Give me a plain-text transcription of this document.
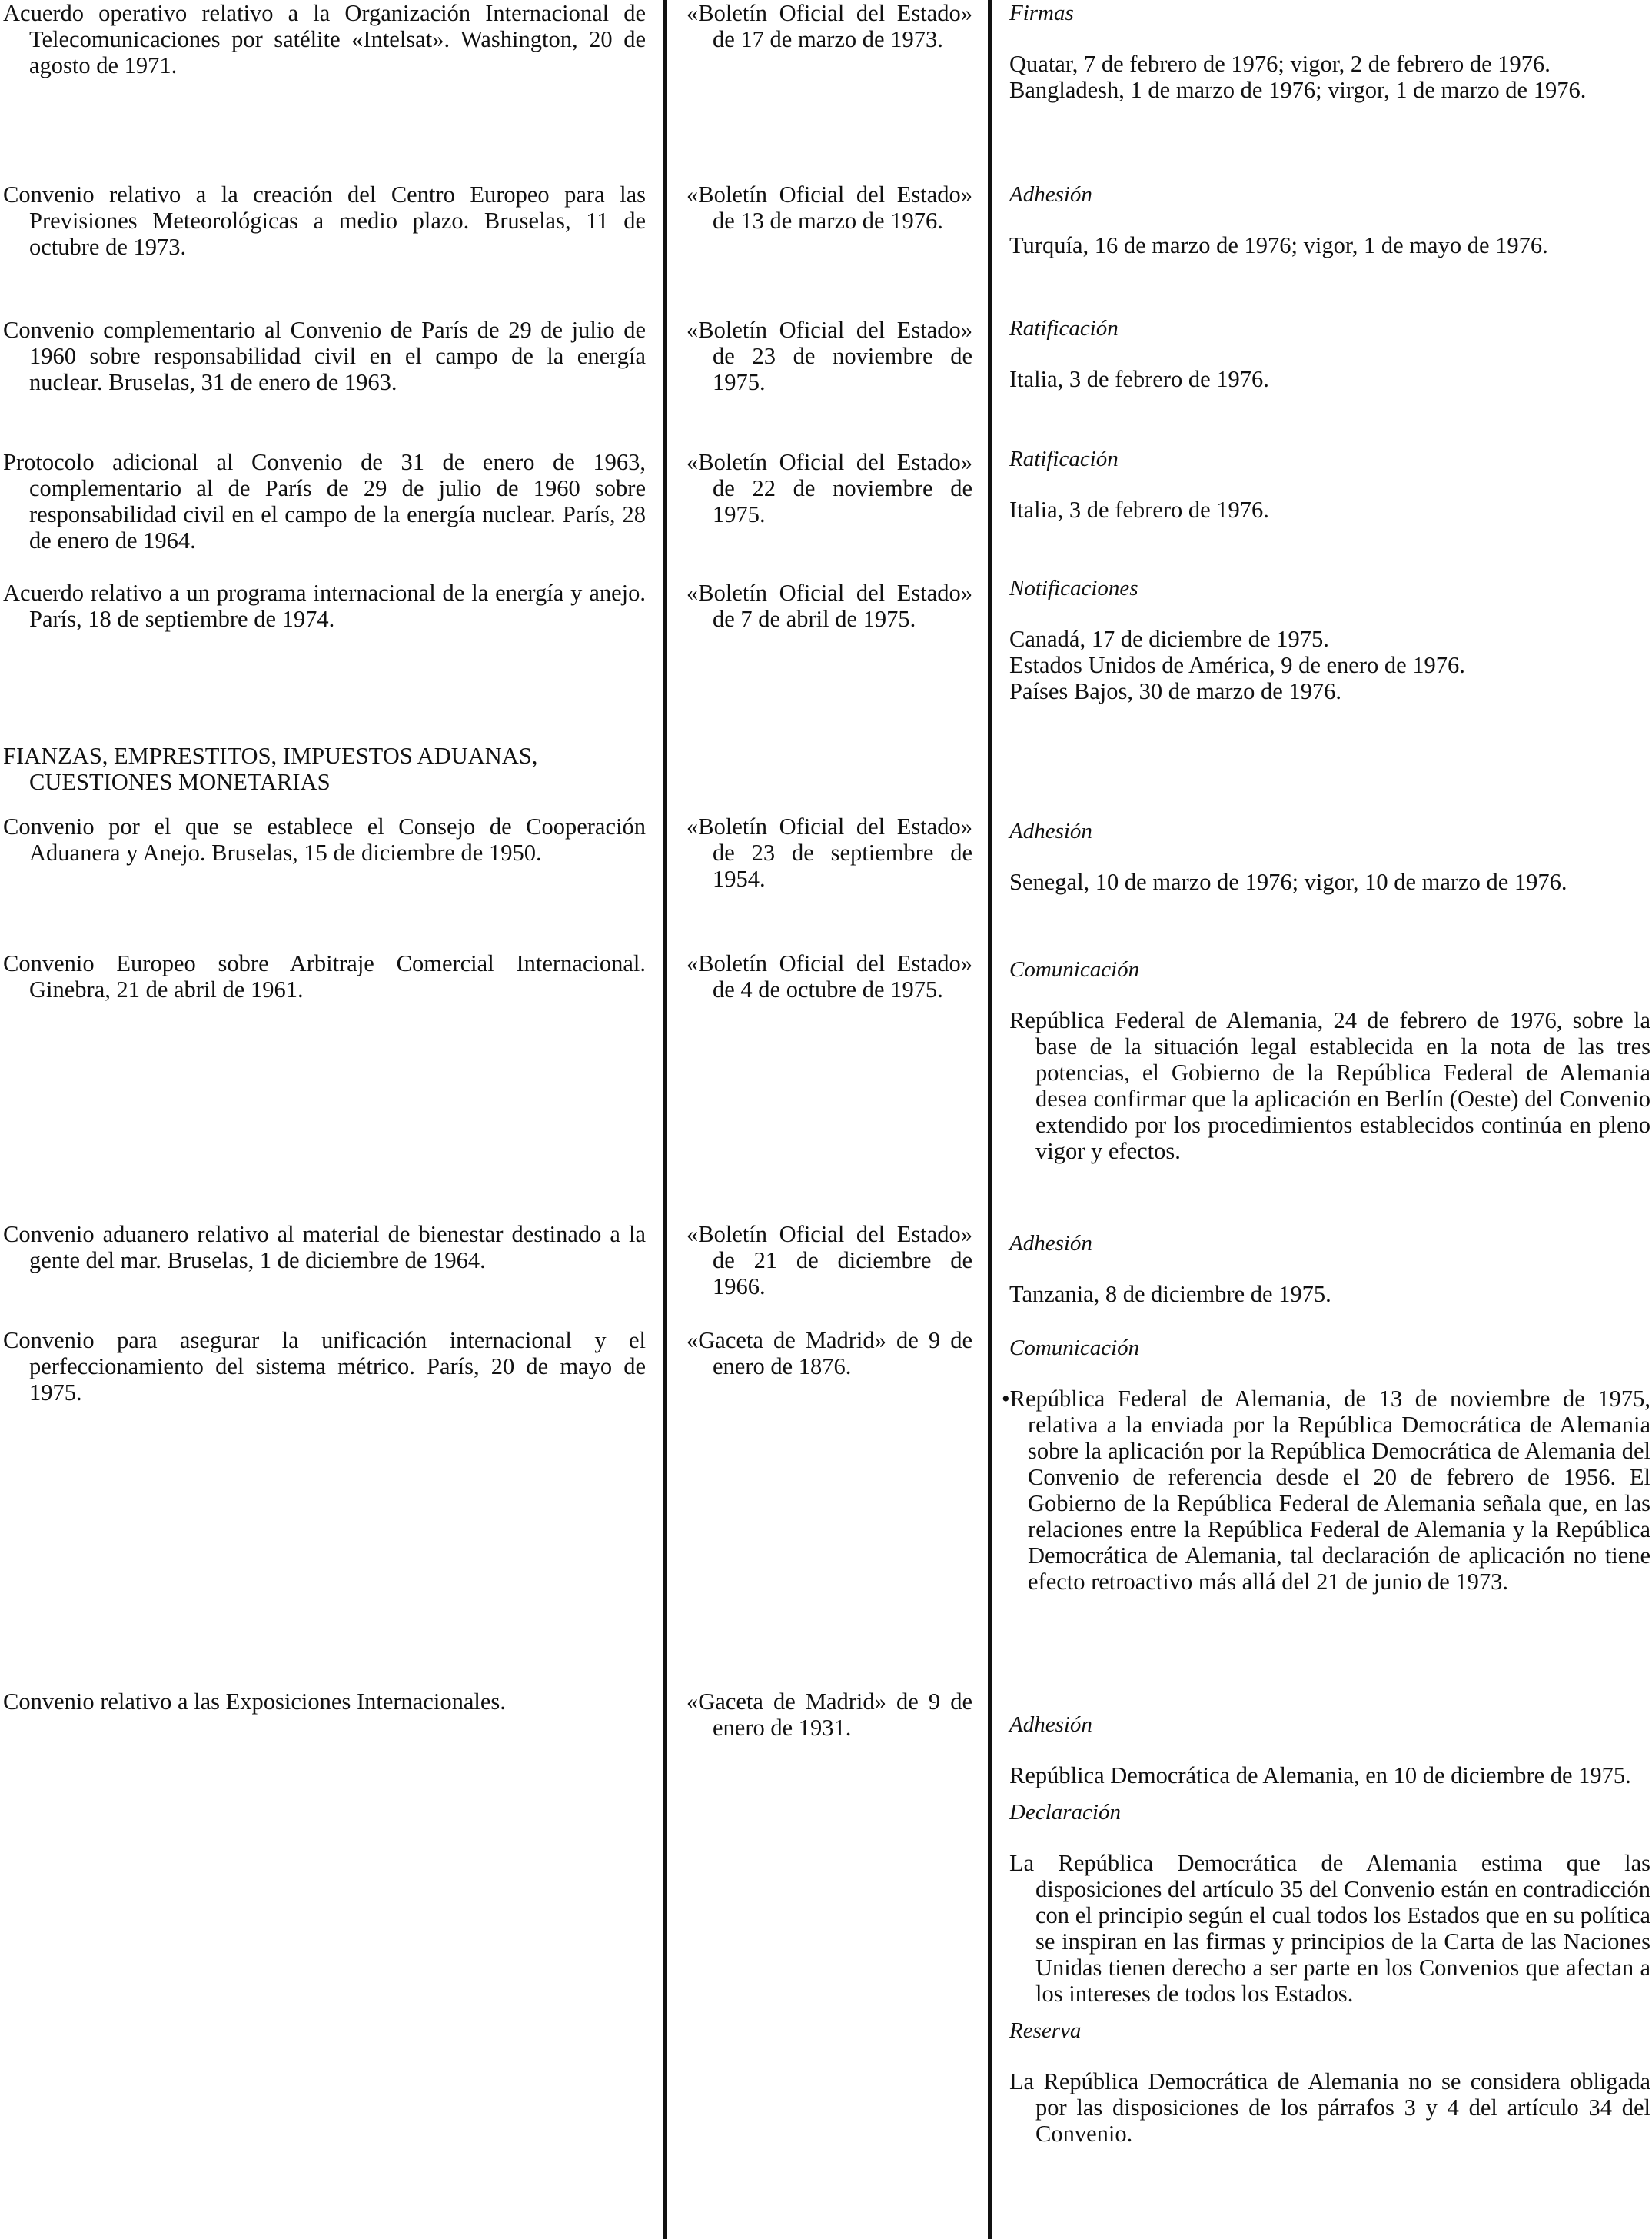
Acuerdo operativo relativo a la Organización Internacional de Telecomunicaciones por satélite «Intelsat». Washington, 20 de agosto de 1971.

Convenio relativo a la creación del Centro Europeo para las Previsiones Meteorológicas a medio plazo. Bruselas, 11 de octubre de 1973.

Convenio complementario al Convenio de París de 29 de julio de 1960 sobre responsabilidad civil en el campo de la energía nuclear. Bruselas, 31 de enero de 1963.

Protocolo adicional al Convenio de 31 de enero de 1963, complementario al de París de 29 de julio de 1960 sobre responsabilidad civil en el campo de la energía nuclear. París, 28 de enero de 1964.

Acuerdo relativo a un programa internacional de la energía y anejo. París, 18 de septiembre de 1974.

FIANZAS, EMPRESTITOS, IMPUESTOS ADUANAS,

CUESTIONES MONETARIAS

Convenio por el que se establece el Consejo de Cooperación Aduanera y Anejo. Bruselas, 15 de diciembre de 1950.

Convenio Europeo sobre Arbitraje Comercial Internacional. Ginebra, 21 de abril de 1961.

Convenio aduanero relativo al material de bienestar destinado a la gente del mar. Bruselas, 1 de diciembre de 1964.

Convenio para asegurar la unificación internacional y el perfeccionamiento del sistema métrico. París, 20 de mayo de 1975.

Convenio relativo a las Exposiciones Internacionales.

«Boletín Oficial del Estado» de 17 de marzo de 1973.

«Boletín Oficial del Estado» de 13 de marzo de 1976.

«Boletín Oficial del Estado» de 23 de noviembre de 1975.

«Boletín Oficial del Estado» de 22 de noviembre de 1975.

«Boletín Oficial del Estado» de 7 de abril de 1975.

«Boletín Oficial del Estado» de 23 de septiembre de 1954.

«Boletín Oficial del Estado» de 4 de octubre de 1975.

«Boletín Oficial del Estado» de 21 de diciembre de 1966.

«Gaceta de Madrid» de 9 de enero de 1876.

«Gaceta de Madrid» de 9 de enero de 1931.

Firmas

Quatar, 7 de febrero de 1976; vigor, 2 de febrero de 1976.

Bangladesh, 1 de marzo de 1976; virgor, 1 de marzo de 1976.

Adhesión

Turquía, 16 de marzo de 1976; vigor, 1 de mayo de 1976.

Ratificación

Italia, 3 de febrero de 1976.

Ratificación

Italia, 3 de febrero de 1976.

Notificaciones

Canadá, 17 de diciembre de 1975.

Estados Unidos de América, 9 de enero de 1976.

Países Bajos, 30 de marzo de 1976.

Adhesión

Senegal, 10 de marzo de 1976; vigor, 10 de marzo de 1976.

Comunicación

República Federal de Alemania, 24 de febrero de 1976, sobre la base de la situación legal establecida en la nota de las tres potencias, el Gobierno de la República Federal de Alemania desea confirmar que la aplicación en Berlín (Oeste) del Convenio extendido por los procedimientos establecidos continúa en pleno vigor y efectos.

Adhesión

Tanzania, 8 de diciembre de 1975.

Comunicación

•República Federal de Alemania, de 13 de noviembre de 1975, relativa a la enviada por la República Democrática de Alemania sobre la aplicación por la República Democrática de Alemania del Convenio de referencia desde el 20 de febrero de 1956. El Gobierno de la República Federal de Alemania señala que, en las relaciones entre la República Federal de Alemania y la República Democrática de Alemania, tal declaración de aplicación no tiene efecto retroactivo más allá del 21 de junio de 1973.

Adhesión

República Democrática de Alemania, en 10 de diciembre de 1975.

Declaración

La República Democrática de Alemania estima que las disposiciones del artículo 35 del Convenio están en contradicción con el principio según el cual todos los Estados que en su política se inspiran en las firmas y principios de la Carta de las Naciones Unidas tienen derecho a ser parte en los Convenios que afectan a los intereses de todos los Estados.

Reserva

La República Democrática de Alemania no se considera obligada por las disposiciones de los párrafos 3 y 4 del artículo 34 del Convenio.
